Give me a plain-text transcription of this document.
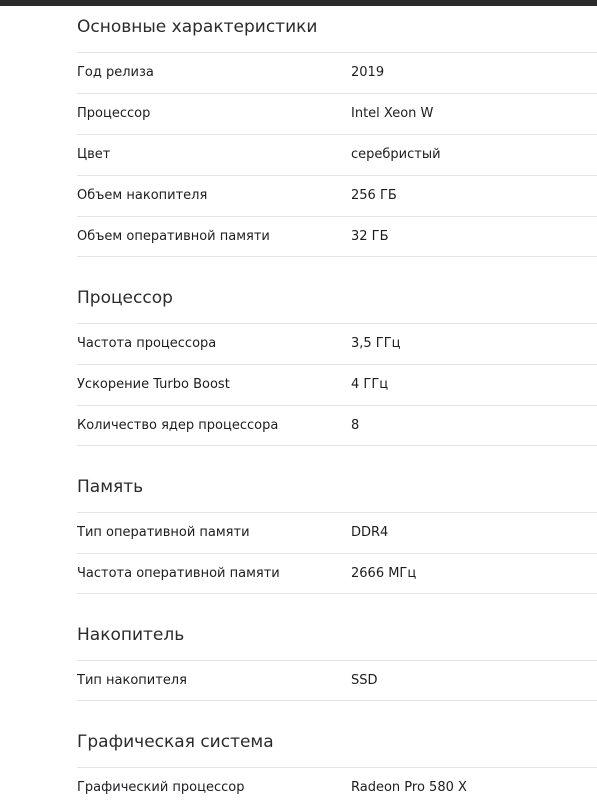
Основные характеристики
Год релиза	2019
Процессор	Intel Xeon W
Цвет	серебристый
Объем накопителя	256 ГБ
Объем оперативной памяти	32 ГБ
Процессор
Частота процессора	3,5 ГГц
Ускорение Turbo Boost	4 ГГц
Количество ядер процессора	8
Память
Тип оперативной памяти	DDR4
Частота оперативной памяти	2666 МГц
Накопитель
Тип накопителя	SSD
Графическая система
Графический процессор	Radeon Pro 580 X
